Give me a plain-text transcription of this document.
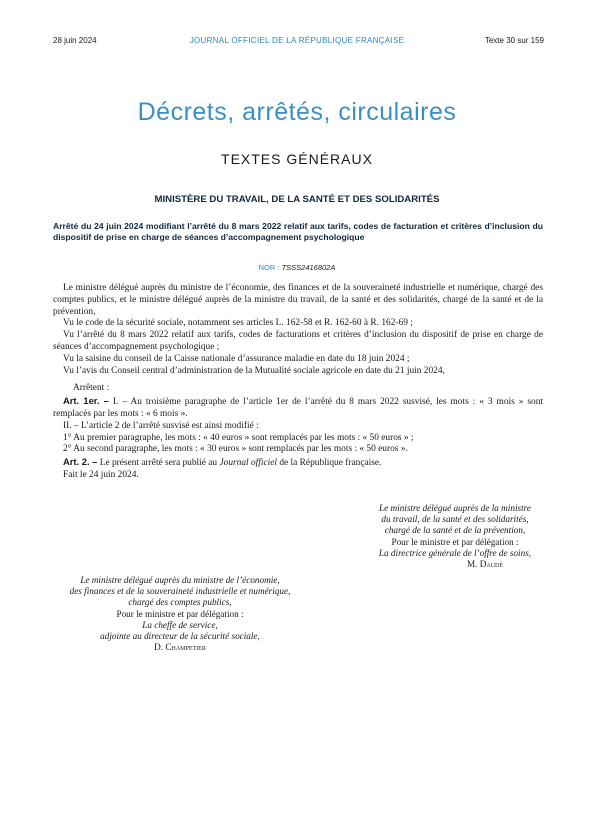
28 juin 2024	JOURNAL OFFICIEL DE LA RÉPUBLIQUE FRANÇAISE	Texte 30 sur 159
Décrets, arrêtés, circulaires
TEXTES GÉNÉRAUX
MINISTÈRE DU TRAVAIL, DE LA SANTÉ ET DES SOLIDARITÉS
Arrêté du 24 juin 2024 modifiant l’arrêté du 8 mars 2022 relatif aux tarifs, codes de facturation et critères d’inclusion du dispositif de prise en charge de séances d’accompagnement psychologique
NOR : TSSS2416802A

Le ministre délégué auprès du ministre de l’économie, des finances et de la souveraineté industrielle et numérique, chargé des comptes publics, et le ministre délégué auprès de la ministre du travail, de la santé et des solidarités, chargé de la santé et de la prévention,

Vu le code de la sécurité sociale, notamment ses articles L. 162-58 et R. 162-60 à R. 162-69 ;

Vu l’arrêté du 8 mars 2022 relatif aux tarifs, codes de facturations et critères d’inclusion du dispositif de prise en charge de séances d’accompagnement psychologique ;

Vu la saisine du conseil de la Caisse nationale d’assurance maladie en date du 18 juin 2024 ;

Vu l’avis du Conseil central d’administration de la Mutualité sociale agricole en date du 21 juin 2024,

Arrêtent :

Art. 1er. – I. – Au troisième paragraphe de l’article 1er de l’arrêté du 8 mars 2022 susvisé, les mots : « 3 mois » sont remplacés par les mots : « 6 mois ».

II. – L’article 2 de l’arrêté susvisé est ainsi modifié :

1° Au premier paragraphe, les mots : « 40 euros » sont remplacés par les mots : « 50 euros » ;

2° Au second paragraphe, les mots : « 30 euros » sont remplacés par les mots : « 50 euros ».

Art. 2. – Le présent arrêté sera publié au Journal officiel de la République française.

Fait le 24 juin 2024.

Le ministre délégué auprès de la ministre
du travail, de la santé et des solidarités,
chargé de la santé et de la prévention,
Pour le ministre et par délégation :
La directrice générale de l’offre de soins,
M. Daudé
Le ministre délégué auprès du ministre de l’économie,
des finances et de la souveraineté industrielle et numérique,
chargé des comptes publics,
Pour le ministre et par délégation :
La cheffe de service,
adjointe au directeur de la sécurité sociale,
D. Champetier
